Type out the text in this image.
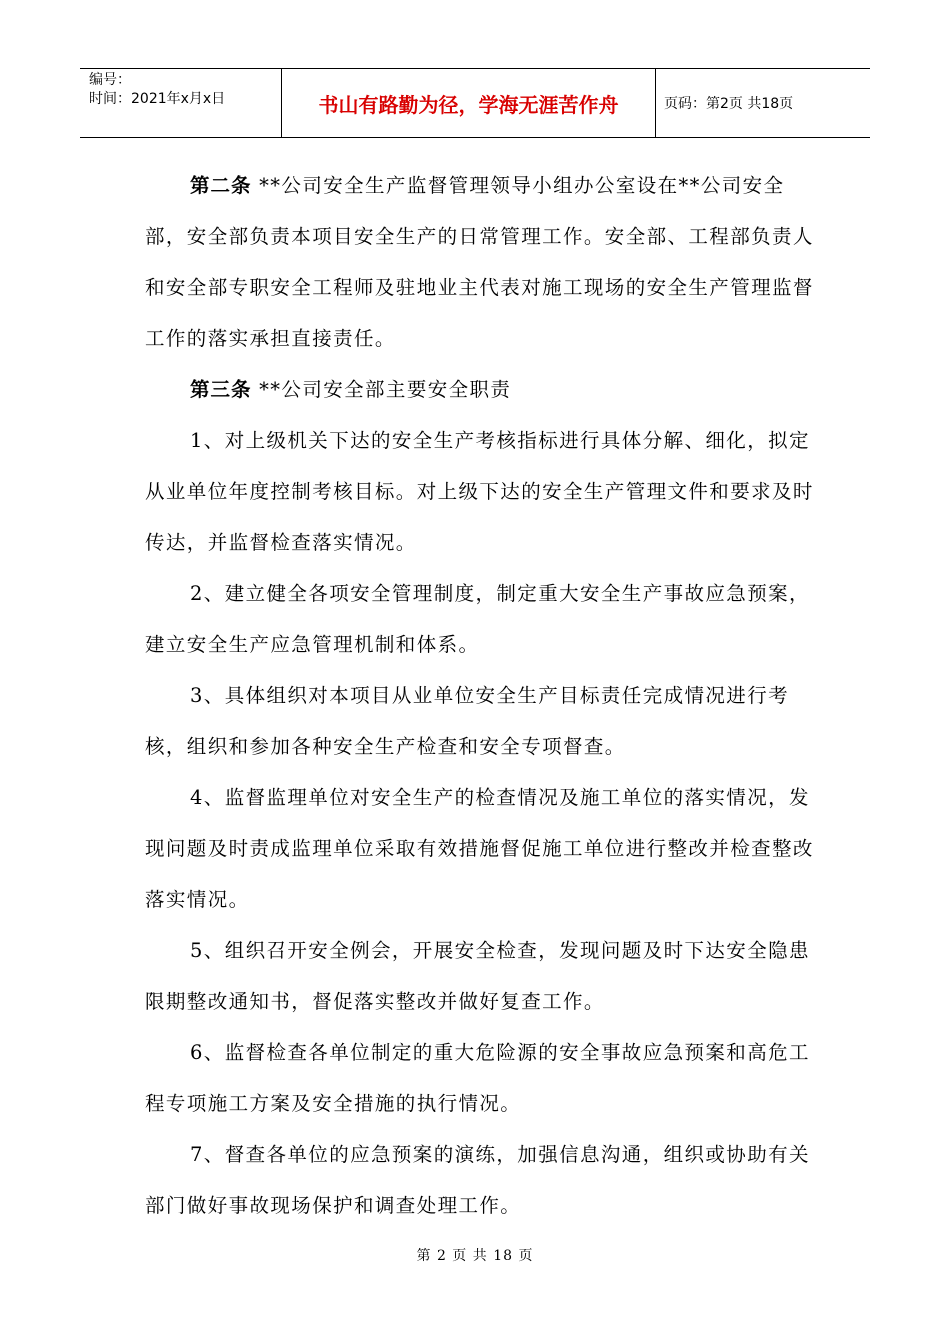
编号：
时间：2021年x月x日	书山有路勤为径，学海无涯苦作舟	页码：第2页 共18页

第二条 **公司安全生产监督管理领导小组办公室设在**公司安全部，安全部负责本项目安全生产的日常管理工作。安全部、工程部负责人和安全部专职安全工程师及驻地业主代表对施工现场的安全生产管理监督工作的落实承担直接责任。

第三条 **公司安全部主要安全职责

1、对上级机关下达的安全生产考核指标进行具体分解、细化，拟定从业单位年度控制考核目标。对上级下达的安全生产管理文件和要求及时传达，并监督检查落实情况。

2、建立健全各项安全管理制度，制定重大安全生产事故应急预案，建立安全生产应急管理机制和体系。

3、具体组织对本项目从业单位安全生产目标责任完成情况进行考核，组织和参加各种安全生产检查和安全专项督查。

4、监督监理单位对安全生产的检查情况及施工单位的落实情况，发现问题及时责成监理单位采取有效措施督促施工单位进行整改并检查整改落实情况。

5、组织召开安全例会，开展安全检查，发现问题及时下达安全隐患限期整改通知书，督促落实整改并做好复查工作。

6、监督检查各单位制定的重大危险源的安全事故应急预案和高危工程专项施工方案及安全措施的执行情况。

7、督查各单位的应急预案的演练，加强信息沟通，组织或协助有关部门做好事故现场保护和调查处理工作。

第 2 页 共 18 页
